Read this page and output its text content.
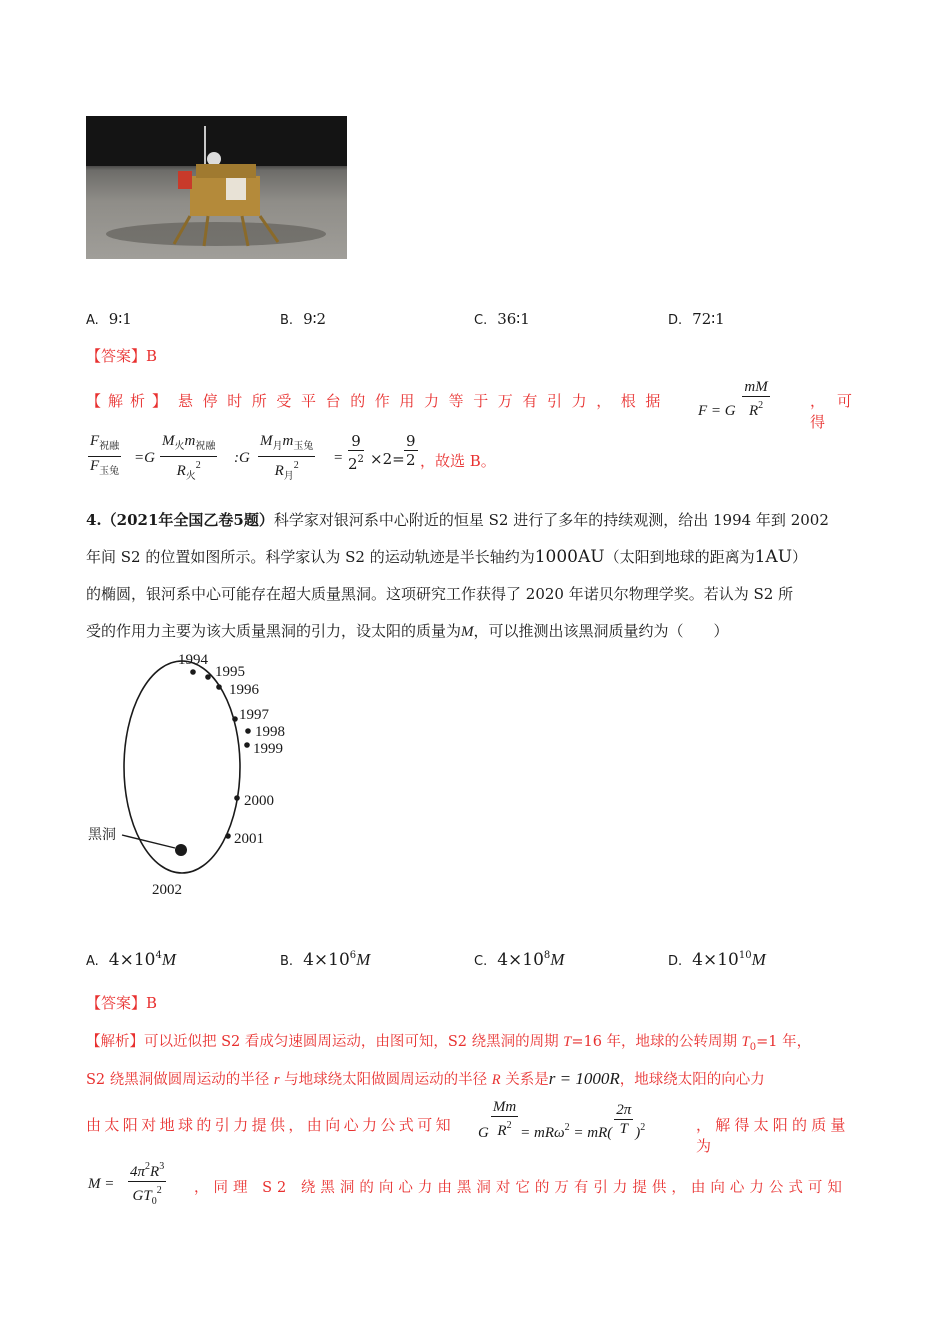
A. 9∶1	B. 9∶2	C. 36∶1	D. 72∶1
【答案】B
【解析】 悬停时所受平台的作用力等于万有引力，根据
F = G $\frac{mM}{R^2}$	，可得
$F_{祝融}$
$F_{玉兔}$
=G
$M_火m_{祝融}$
$R_火^2$	:G
$M_月m_{玉兔}$
$R_月^2$	= $\frac{9}{2^2} \times 2= \frac{9}{2}$ ，故选 B。
4.（2021年全国乙卷5题）科学家对银河系中心附近的恒星 S2 进行了多年的持续观测，给出 1994 年到 2002
年间 S2 的位置如图所示。科学家认为 S2 的运动轨迹是半长轴约为1000AU（太阳到地球的距离为1AU）
的椭圆，银河系中心可能存在超大质量黑洞。这项研究工作获得了 2020 年诺贝尔物理学奖。若认为 S2 所
受的作用力主要为该大质量黑洞的引力，设太阳的质量为M，可以推测出该黑洞质量约为（　　）
1994
1995
1996
1997
1998
1999
2000
2001
2002
黑洞
A. $4\times 10^4M$	B. $4\times 10^6M$	C. $4\times 10^8M$	D. $4\times 10^{10}M$
【答案】B
【解析】可以近似把 S2 看成匀速圆周运动，由图可知，S2 绕黑洞的周期 T=16 年，地球的公转周期 $T_0=1$ 年，
S2 绕黑洞做圆周运动的半径 r 与地球绕太阳做圆周运动的半径 R 关系是r = 1000R，地球绕太阳的向心力
由太阳对地球的引力提供，由向心力公式可知 G $\frac{Mm}{R^2} = mR\omega^2 = mR( \frac{2\pi}{T} )^2$	，解得太阳的质量为
$M = \frac{4\pi^2R^3}{GT_0^2}$ ，同理 S2 绕黑洞的向心力由黑洞对它的万有引力提供，由向心力公式可知
